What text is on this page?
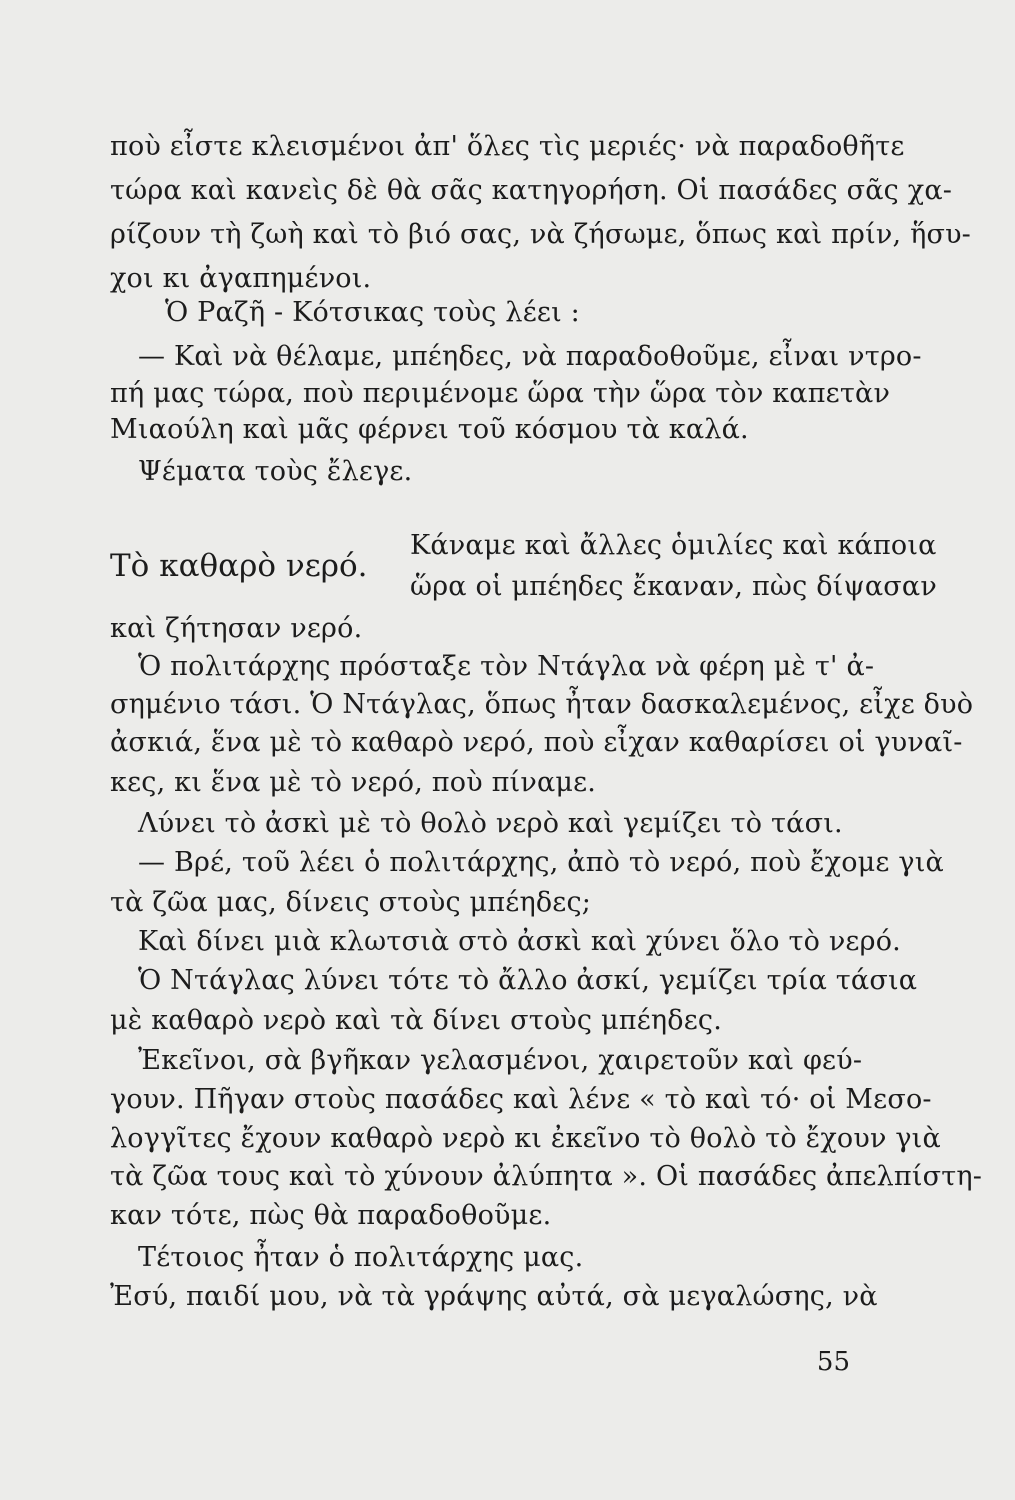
ποὺ εἶστε κλεισμένοι ἀπ' ὅλες τὶς μεριές· νὰ παραδοθῆτε
τώρα καὶ κανεὶς δὲ θὰ σᾶς κατηγορήση. Οἱ πασάδες σᾶς χα-
ρίζουν τὴ ζωὴ καὶ τὸ βιό σας, νὰ ζήσωμε, ὅπως καὶ πρίν, ἥσυ-
χοι κι ἀγαπημένοι.
Ὁ Ραζῆ - Κότσικας τοὺς λέει :
— Καὶ νὰ θέλαμε, μπέηδες, νὰ παραδοθοῦμε, εἶναι ντρο-
πή μας τώρα, ποὺ περιμένομε ὥρα τὴν ὥρα τὸν καπετὰν
Μιαούλη καὶ μᾶς φέρνει τοῦ κόσμου τὰ καλά.
Ψέματα τοὺς ἔλεγε.
Τὸ καθαρὸ νερό.
Κάναμε καὶ ἄλλες ὁμιλίες καὶ κάποια
ὥρα οἱ μπέηδες ἔκαναν, πὼς δίψασαν
καὶ ζήτησαν νερό.
Ὁ πολιτάρχης πρόσταξε τὸν Ντάγλα νὰ φέρη μὲ τ' ἀ-
σημένιο τάσι. Ὁ Ντάγλας, ὅπως ἦταν δασκαλεμένος, εἶχε δυὸ
ἀσκιά, ἕνα μὲ τὸ καθαρὸ νερό, ποὺ εἶχαν καθαρίσει οἱ γυναῖ-
κες, κι ἕνα μὲ τὸ νερό, ποὺ πίναμε.
Λύνει τὸ ἀσκὶ μὲ τὸ θολὸ νερὸ καὶ γεμίζει τὸ τάσι.
— Βρέ, τοῦ λέει ὁ πολιτάρχης, ἀπὸ τὸ νερό, ποὺ ἔχομε γιὰ
τὰ ζῶα μας, δίνεις στοὺς μπέηδες;
Καὶ δίνει μιὰ κλωτσιὰ στὸ ἀσκὶ καὶ χύνει ὅλο τὸ νερό.
Ὁ Ντάγλας λύνει τότε τὸ ἄλλο ἀσκί, γεμίζει τρία τάσια
μὲ καθαρὸ νερὸ καὶ τὰ δίνει στοὺς μπέηδες.
Ἐκεῖνοι, σὰ βγῆκαν γελασμένοι, χαιρετοῦν καὶ φεύ-
γουν. Πῆγαν στοὺς πασάδες καὶ λένε « τὸ καὶ τό· οἱ Μεσο-
λογγῖτες ἔχουν καθαρὸ νερὸ κι ἐκεῖνο τὸ θολὸ τὸ ἔχουν γιὰ
τὰ ζῶα τους καὶ τὸ χύνουν ἀλύπητα ». Οἱ πασάδες ἀπελπίστη-
καν τότε, πὼς θὰ παραδοθοῦμε.
Τέτοιος ἦταν ὁ πολιτάρχης μας.
Ἐσύ, παιδί μου, νὰ τὰ γράψης αὐτά, σὰ μεγαλώσης, νὰ
55
